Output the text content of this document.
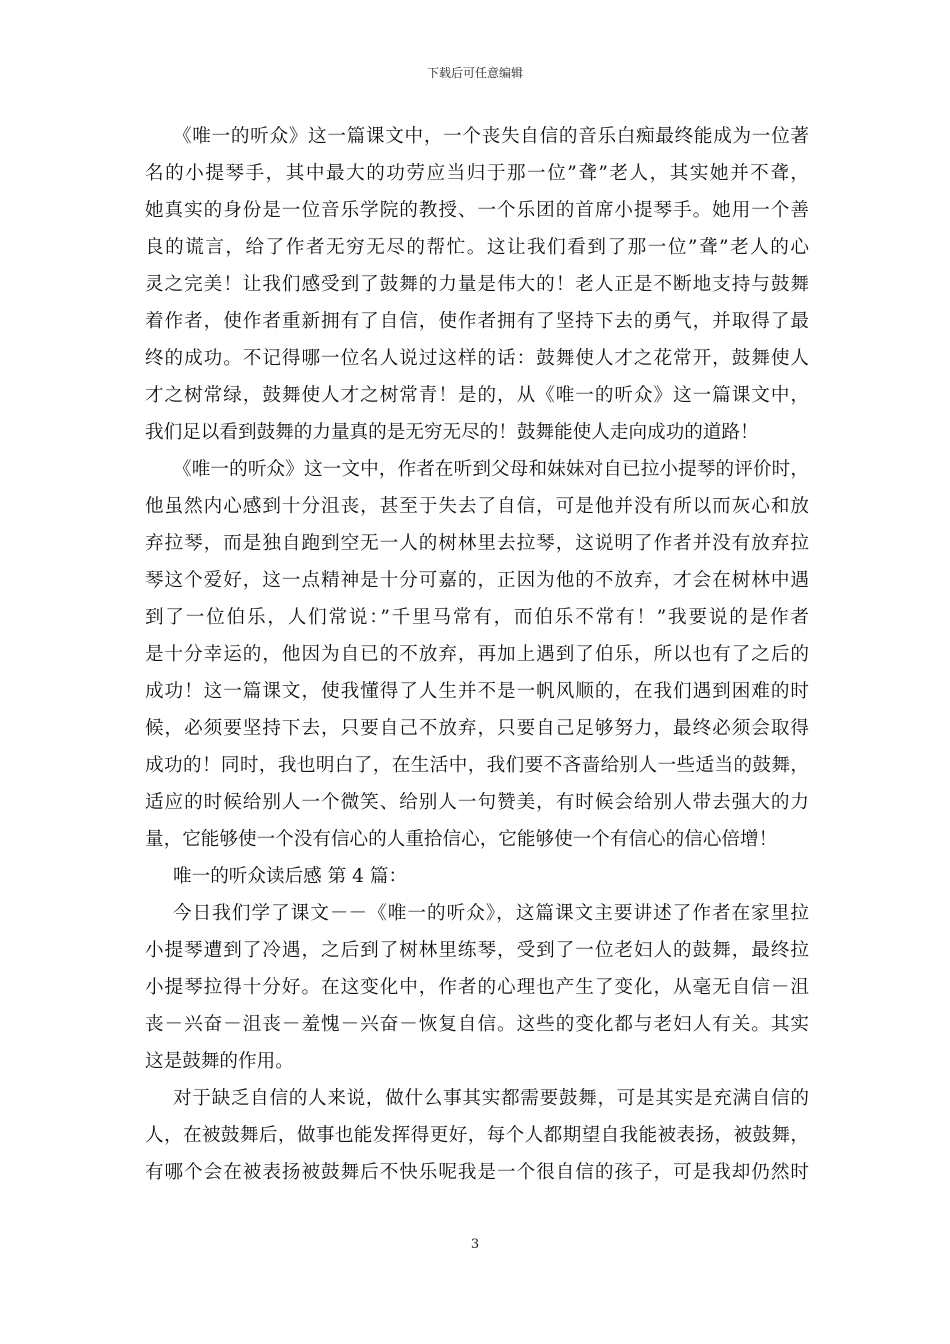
下载后可任意编辑
《唯一的听众》这一篇课文中，一个丧失自信的音乐白痴最终能成为一位著
名的小提琴手，其中最大的功劳应当归于那一位”聋”老人，其实她并不聋，
她真实的身份是一位音乐学院的教授、一个乐团的首席小提琴手。她用一个善
良的谎言，给了作者无穷无尽的帮忙。这让我们看到了那一位”聋”老人的心
灵之完美！让我们感受到了鼓舞的力量是伟大的！老人正是不断地支持与鼓舞
着作者，使作者重新拥有了自信，使作者拥有了坚持下去的勇气，并取得了最
终的成功。不记得哪一位名人说过这样的话：鼓舞使人才之花常开，鼓舞使人
才之树常绿，鼓舞使人才之树常青！是的，从《唯一的听众》这一篇课文中，
我们足以看到鼓舞的力量真的是无穷无尽的！鼓舞能使人走向成功的道路！
《唯一的听众》这一文中，作者在听到父母和妹妹对自已拉小提琴的评价时，
他虽然内心感到十分沮丧，甚至于失去了自信，可是他并没有所以而灰心和放
弃拉琴，而是独自跑到空无一人的树林里去拉琴，这说明了作者并没有放弃拉
琴这个爱好，这一点精神是十分可嘉的，正因为他的不放弃，才会在树林中遇
到了一位伯乐，人们常说：”千里马常有，而伯乐不常有！”我要说的是作者
是十分幸运的，他因为自已的不放弃，再加上遇到了伯乐，所以也有了之后的
成功！这一篇课文，使我懂得了人生并不是一帆风顺的，在我们遇到困难的时
候，必须要坚持下去，只要自己不放弃，只要自己足够努力，最终必须会取得
成功的！同时，我也明白了，在生活中，我们要不吝啬给别人一些适当的鼓舞，
适应的时候给别人一个微笑、给别人一句赞美，有时候会给别人带去强大的力
量，它能够使一个没有信心的人重拾信心，它能够使一个有信心的信心倍增！
唯一的听众读后感 第 4 篇：
今日我们学了课文－－《唯一的听众》，这篇课文主要讲述了作者在家里拉
小提琴遭到了冷遇，之后到了树林里练琴，受到了一位老妇人的鼓舞，最终拉
小提琴拉得十分好。在这变化中，作者的心理也产生了变化，从毫无自信－沮
丧－兴奋－沮丧－羞愧－兴奋－恢复自信。这些的变化都与老妇人有关。其实
这是鼓舞的作用。
对于缺乏自信的人来说，做什么事其实都需要鼓舞，可是其实是充满自信的
人，在被鼓舞后，做事也能发挥得更好，每个人都期望自我能被表扬，被鼓舞，
有哪个会在被表扬被鼓舞后不快乐呢我是一个很自信的孩子，可是我却仍然时
3
